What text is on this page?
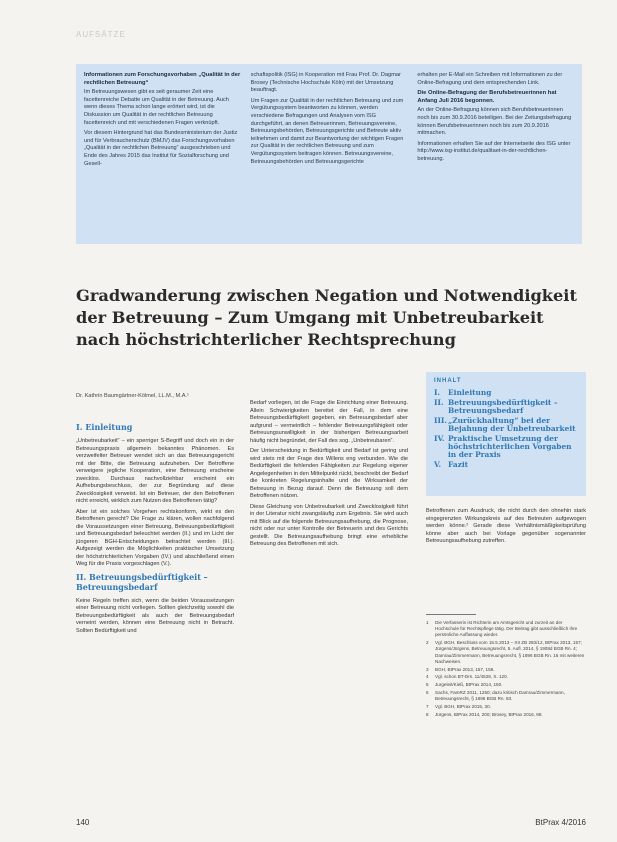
AUFSÄTZE
Informationen zum Forschungsvorhaben „Qualität in der rechtlichen Betreuung“

Im Betreuungswesen gibt es seit geraumer Zeit eine facettenreiche Debatte um Qualität in der Betreuung. Auch wenn dieses Thema schon lange erörtert wird, ist die Diskussion um Qualität in der rechtlichen Betreuung facettenreich und mit verschiedenen Fragen verknüpft.

Vor diesem Hintergrund hat das Bundesministerium der Justiz und für Verbraucherschutz (BMJV) das Forschungsvorhaben „Qualität in der rechtlichen Betreuung“ ausgeschrieben und Ende des Jahres 2015 das Institut für Sozialforschung und Gesell-

schaftspolitik (ISG) in Kooperation mit Frau Prof. Dr. Dagmar Brosey (Technische Hochschule Köln) mit der Umsetzung beauftragt.

Um Fragen zur Qualität in der rechtlichen Betreuung und zum Vergütungssystem beantworten zu können, werden verschiedene Befragungen und Analysen vom ISG durchgeführt, an denen Betreuerinnen, Betreuungsvereine, Betreuungsbehörden, Betreuungsgerichte und Betreute aktiv teilnehmen und damit zur Beantwortung der wichtigen Fragen zur Qualität in der rechtlichen Betreuung und zum Vergütungssystem beitragen können. Betreuungsvereine, Betreuungsbehörden und Betreuungsgerichte

erhalten per E-Mail ein Schreiben mit Informationen zu der Online-Befragung und dem entsprechenden Link.

Die Online-Befragung der Berufsbetreuerinnen hat Anfang Juli 2016 begonnen.

An der Online-Befragung können sich Berufsbetreuerinnen noch bis zum 30.9.2016 beteiligen. Bei der Zeitungsbefragung können Berufsbetreuerinnen noch bis zum 20.9.2016 mitmachen.

Informationen erhalten Sie auf der Internetseite des ISG unter http://www.isg-institut.de/qualitaet-in-der-rechtlichen-betreuung.

Gradwanderung zwischen Negation und Notwendigkeit der Betreuung – Zum Umgang mit Unbetreubarkeit nach höchstrichterlicher Rechtsprechung
Dr. Kathrin Baumgärtner-Kölmel, LL.M., M.A.¹
I. Einleitung

„Unbetreubarkeit“ – ein sperriger S-Begriff und doch ein in der Betreuungspraxis allgemein bekanntes Phänomen. Es verzweifelter Betreuer wendet sich an das Betreuungsgericht mit der Bitte, die Betreuung aufzuheben. Der Betroffene verweigere jegliche Kooperation, eine Betreuung erscheine zwecklos. Durchaus nachvollziehbar erscheint ein Aufhebungsbeschluss, der zur Begründung auf diese Zwecklosigkeit verweist. Ist ein Betreuer, der den Betroffenen nicht erreicht, wirklich zum Nutzen des Betroffenen tätig?

Aber ist ein solches Vorgehen rechtskonform, wirkt es den Betroffenen gerecht? Die Frage zu klären, wollen nachfolgend die Voraussetzungen einer Betreuung, Betreuungsbedürftigkeit und Betreuungsbedarf beleuchtet werden (II.) und im Licht der jüngeren BGH-Entscheidungen betrachtet werden (III.). Aufgezeigt werden die Möglichkeiten praktischer Umsetzung der höchstrichterlichen Vorgaben (IV.) und abschließend einen Weg für die Praxis vorgeschlagen (V.).

II. Betreuungsbedürftigkeit – Betreuungsbedarf

Keine Regeln treffen sich, wenn die beiden Voraussetzungen einer Betreuung nicht vorliegen. Sollten gleichzeitig sowohl die Betreuungsbedürftigkeit als auch der Betreuungsbedarf verneint werden, können eine Betreuung nicht in Betracht. Sollten Bedürftigkeit und

Bedarf vorliegen, ist die Frage die Einrichtung einer Betreuung. Allein Schwierigkeiten bereitet der Fall, in dem eine Betreuungsbedürftigkeit gegeben, ein Betreuungsbedarf aber aufgrund – vermeintlich – fehlender Betreuungsfähigkeit oder Betreuungsunwilligkeit in der bisherigen Betreuungsarbeit häufig nicht begründet, der Fall des sog. „Unbetreubaren“.

Der Unterscheidung in Bedürftigkeit und Bedarf ist gering und wird stets mit der Frage des Willens eng verbunden. Wie die Bedürftigkeit die fehlenden Fähigkeiten zur Regelung eigener Angelegenheiten in den Mittelpunkt rückt, beschreibt der Bedarf die konkreten Regelungsinhalte und die Wirksamkeit der Betreuung in Bezug darauf. Denn die Betreuung soll dem Betroffenen nützen.

Diese Gleichung von Unbetreubarkeit und Zwecklosigkeit führt in der Literatur nicht zwangsläufig zum Ergebnis. Sie wird auch mit Blick auf die folgende Betreuungsaufhebung, die Prognose, nicht oder nur unter Kontrolle der Betreuerin und des Gerichts gestellt. Die Betreuungsaufhebung bringt eine erhebliche Betreuung des Betroffenen mit sich.

INHALT
I.	Einleitung
II. Betreuungsbedürftigkeit – Betreuungsbedarf
III. „Zurückhaltung“ bei der Bejahung der Unbetreubarkeit
IV. Praktische Umsetzung der höchstrichterlichen Vorgaben in der Praxis
V. Fazit

Betroffenen zum Ausdruck, die nicht durch den ohnehin stark eingegrenzten Wirkungskreis auf des Betreuten aufgewogen werden könne.² Gerade diese Verhältnismäßigkeitsprüfung könne aber auch bei Vorlage gegenüber sogenannter Betreuungsaufhebung zutreffen.

1	Die Verfasserin ist Richterin am Amtsgericht und zurzeit an der Hochschule für Rechtspflege tätig. Der Beitrag gibt ausschließlich ihre persönliche Auffassung wieder.

2	Vgl. BGH, Beschluss vom 15.5.2013 – XII ZB 283/12, BtPrax 2013, 157; Jürgens/Jürgens, Betreuungsrecht, 5. Aufl. 2014, § 1908d BGB Rn. 4; Damrau/Zimmermann, Betreuungsrecht, § 1896 BGB Rn. 16 mit weiteren Nachweisen.

3	BGH, BtPrax 2013, 157, 158.

4	Vgl. schon BT-Drs. 11/4528, S. 120.

5	Jurgeleit/Kieß, BtPrax 2014, 150.

6	Sachs, FamRZ 2011, 1250; dazu kritisch Damrau/Zimmermann, Betreuungsrecht, § 1896 BGB Rn. 83.

7	Vgl. BGH, BtPrax 2015, 30.

8	Jürgens, BtPrax 2014, 200; Brosey, BtPrax 2016, 88.

140	BtPrax 4/2016
